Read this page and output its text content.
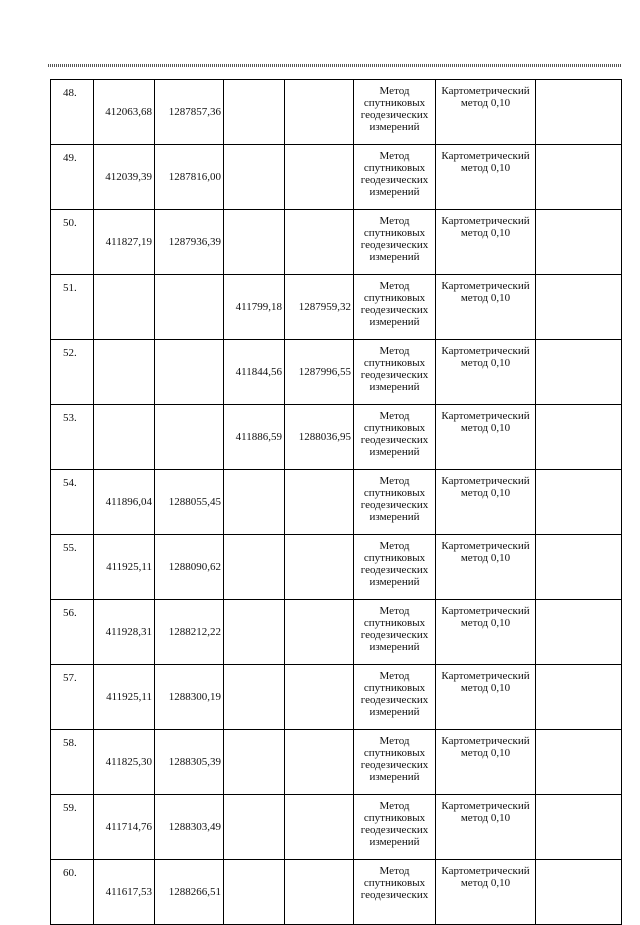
48.	412063,68	1287857,36			Метод спутниковых геодезических измерений	Картометрический метод 0,10	
49.	412039,39	1287816,00			Метод спутниковых геодезических измерений	Картометрический метод 0,10	
50.	411827,19	1287936,39			Метод спутниковых геодезических измерений	Картометрический метод 0,10	
51.			411799,18	1287959,32	Метод спутниковых геодезических измерений	Картометрический метод 0,10	
52.			411844,56	1287996,55	Метод спутниковых геодезических измерений	Картометрический метод 0,10	
53.			411886,59	1288036,95	Метод спутниковых геодезических измерений	Картометрический метод 0,10	
54.	411896,04	1288055,45			Метод спутниковых геодезических измерений	Картометрический метод 0,10	
55.	411925,11	1288090,62			Метод спутниковых геодезических измерений	Картометрический метод 0,10	
56.	411928,31	1288212,22			Метод спутниковых геодезических измерений	Картометрический метод 0,10	
57.	411925,11	1288300,19			Метод спутниковых геодезических измерений	Картометрический метод 0,10	
58.	411825,30	1288305,39			Метод спутниковых геодезических измерений	Картометрический метод 0,10	
59.	411714,76	1288303,49			Метод спутниковых геодезических измерений	Картометрический метод 0,10	
60.	411617,53	1288266,51			Метод спутниковых геодезических	Картометрический метод 0,10	
